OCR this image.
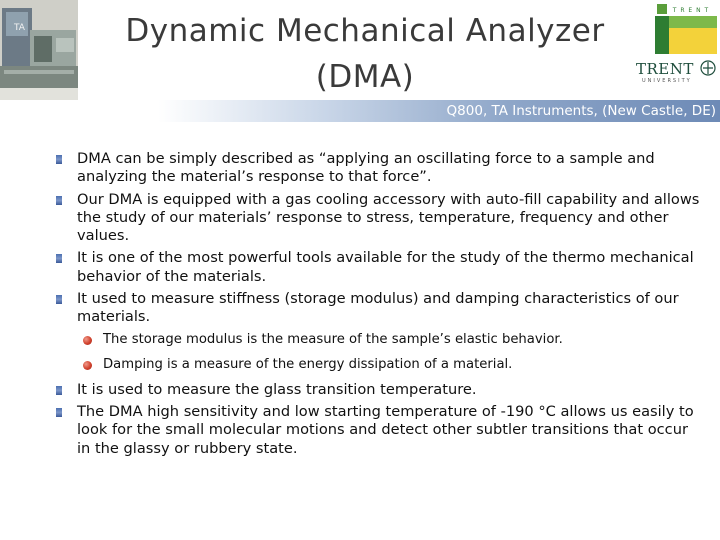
TA	Dynamic Mechanical Analyzer
(DMA)
T R E N T
TRENT
UNIVERSITY
Q800, TA Instruments, (New Castle, DE)
DMA can be simply described as “applying an oscillating force to a sample and analyzing the material’s response to that force”.
Our DMA is equipped with a gas cooling accessory with auto-fill capability and allows the study of our materials’ response to stress, temperature, frequency and other values.
It is one of the most powerful tools available for the study of the thermo mechanical behavior of the materials.
It used to measure stiffness (storage modulus) and damping characteristics of our materials.
The storage modulus is the measure of the sample’s elastic behavior.
Damping is a measure of the energy dissipation of a material.
It is used to measure the glass transition temperature.
The DMA high sensitivity and low starting temperature of -190 °C allows us easily to look for the small molecular motions and detect other subtler transitions that occur in the glassy or rubbery state.
